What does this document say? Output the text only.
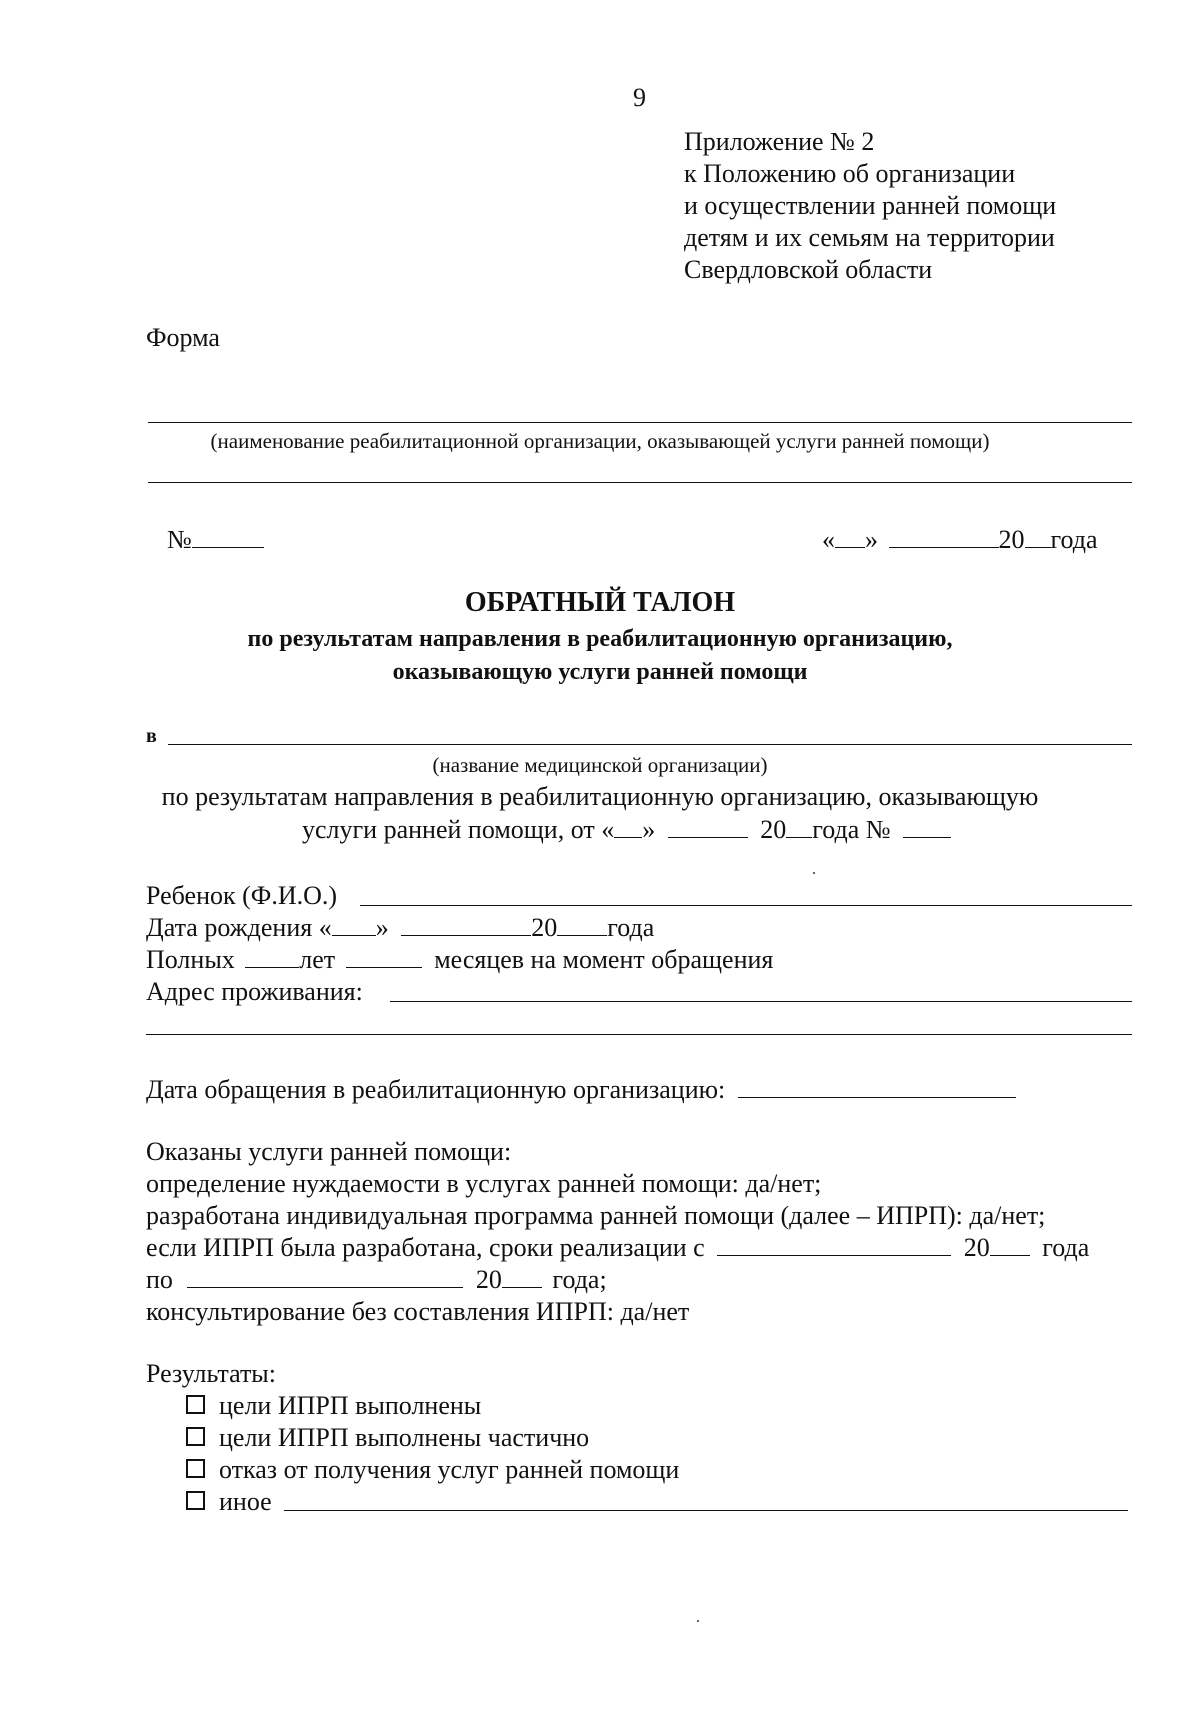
9
Приложение № 2
к Положению об организации
и осуществлении ранней помощи
детям и их семьям на территории
Свердловской области
Форма
(наименование реабилитационной организации, оказывающей услуги ранней помощи)
№	« »	20 года
ОБРАТНЫЙ ТАЛОН
по результатам направления в реабилитационную организацию,
оказывающую услуги ранней помощи
в
(название медицинской организации)
по результатам направления в реабилитационную организацию, оказывающую
услуги ранней помощи, от « »	20 года №
Ребенок (Ф.И.О.)
Дата рождения « »	20 года
Полных лет	месяцев на момент обращения
Адрес проживания:
Дата обращения в реабилитационную организацию:
Оказаны услуги ранней помощи:
определение нуждаемости в услугах ранней помощи: да/нет;
разработана индивидуальная программа ранней помощи (далее – ИПРП): да/нет;
если ИПРП была разработана, сроки реализации с	20 года
по	20 года;
консультирование без составления ИПРП: да/нет
Результаты:
цели ИПРП выполнены
цели ИПРП выполнены частично
отказ от получения услуг ранней помощи
иное
